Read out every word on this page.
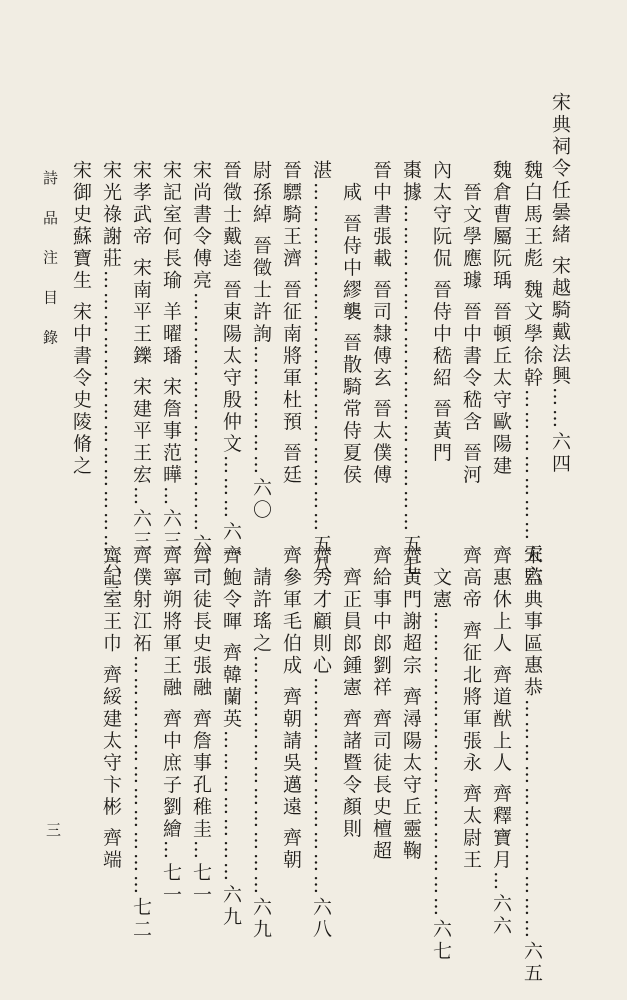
詩 品 注 目 錄	宋典祠令任曇緒 宋越騎戴法興……六四
魏白馬王彪 魏文學徐幹…………………五六
魏倉曹屬阮瑀 晉頓丘太守歐陽建
　晉文學應璩 晉中書令嵇含 晉河
內太守阮侃 晉侍中嵇紹 晉黃門
棗據………………………………………五七
晉中書張載 晉司隸傅玄 晉太僕傅
　咸 晉侍中繆襲 晉散騎常侍夏侯
湛…………………………………………五八
晉驃騎王濟 晉征南將軍杜預 晉廷
尉孫綽 晉徵士許詢………………六〇
晉徵士戴逵 晉東陽太守殷仲文………六一
宋尚書令傅亮……………………………六二
宋記室何長瑜 羊曜璠 宋詹事范曄…六三
宋孝武帝 宋南平王鑠 宋建平王宏…六三
宋光祿謝莊…………………………………六三
宋御史蘇寶生 宋中書令史陵脩之
宋監典事區惠恭……………………………六五
齊惠休上人 齊道猷上人 齊釋寶月…六六
齊高帝 齊征北將軍張永 齊太尉王
　文憲……………………………………六七
齊黃門謝超宗 齊潯陽太守丘靈鞠
齊給事中郎劉祥 齊司徒長史檀超
　齊正員郎鍾憲 齊諸暨令顏則
齊秀才顧則心…………………………六八
齊參軍毛伯成 齊朝請吳邁遠 齊朝
　請許瑤之……………………………六九
齊鮑令暉 齊韓蘭英…………………六九
齊司徒長史張融 齊詹事孔稚圭…七一
齊寧朔將軍王融 齊中庶子劉繪…七一
齊僕射江祏……………………………七二
齊記室王巾 齊綏建太守卞彬 齊端
三
